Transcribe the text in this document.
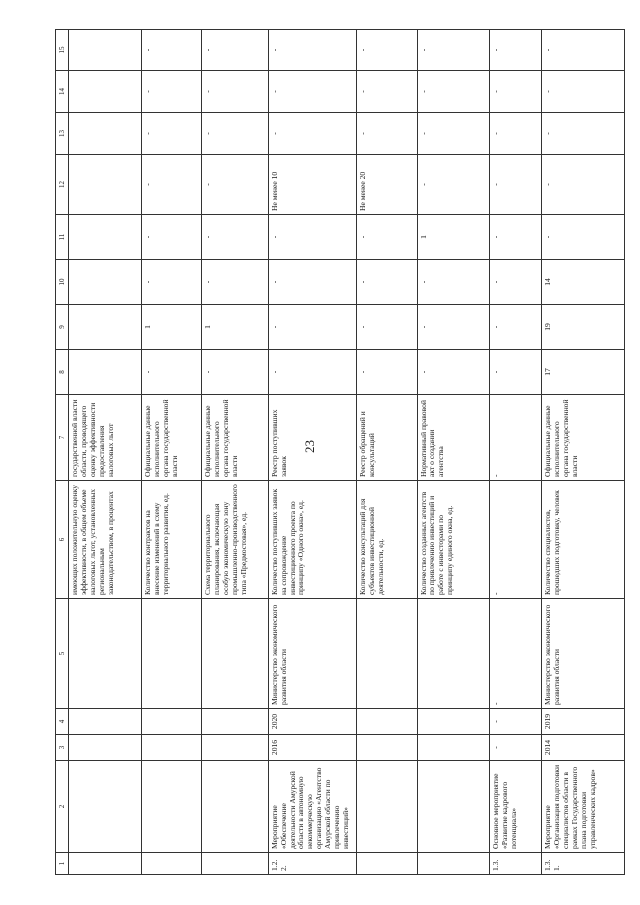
23
1	2	3	4	5	6	7	8	9	10	11	12	13	14	15
					имеющих положительную оценку эффективности, в общем объеме налоговых льгот, установленных региональным законодательством, в процентах	государственной власти области, проводящего оценку эффективности предоставления налоговых льгот								
					Количество контрактов на внесение изменений в схему территориального развития, ед.	Официальные данные исполнительного органа государственной власти	-	1	-	-	-	-	-	-
					Схема территориального планирования, включающая особую экономическую зону промышленно-производственного типа «Предмостовая», ед.	Официальные данные исполнительного органа государственной власти	-	1	-	-	-	-	-	-
1.2.2.	Мероприятие «Обеспечение деятельности Амурской области в автономную некоммерческую организацию «Агентство Амурской области по привлечению инвестиций»	2016	2020	Министерство экономического развития области	Количество поступивших заявок на сопровождение инвестиционного проекта по принципу «Одного окна», ед.	Реестр поступивших заявок	-	-	-	-	Не менее 10	-	-	-
					Количество консультаций для субъектов инвестиционной деятельности, ед.	Реестр обращений и консультаций	-	-	-	-	Не менее 20	-	-	-
					Количество созданных агентств по привлечению инвестиций и работе с инвесторами по принципу единого окна, ед.	Нормативный правовой акт о создании агентства	-	-	-	1	-	-	-	-
1.3.	Основное мероприятие «Развитие кадрового потенциала»	-	-	-	-	-	-	-	-	-	-	-	-	-
1.3.1.	Мероприятие «Организация подготовки специалистов области в рамках Государственного плана подготовки управленческих кадров»	2014	2019	Министерство экономического развития области	Количество специалистов, прошедших подготовку, человек	Официальные данные исполнительного органа государственной власти	17	19	14	-	-	-	-	-
